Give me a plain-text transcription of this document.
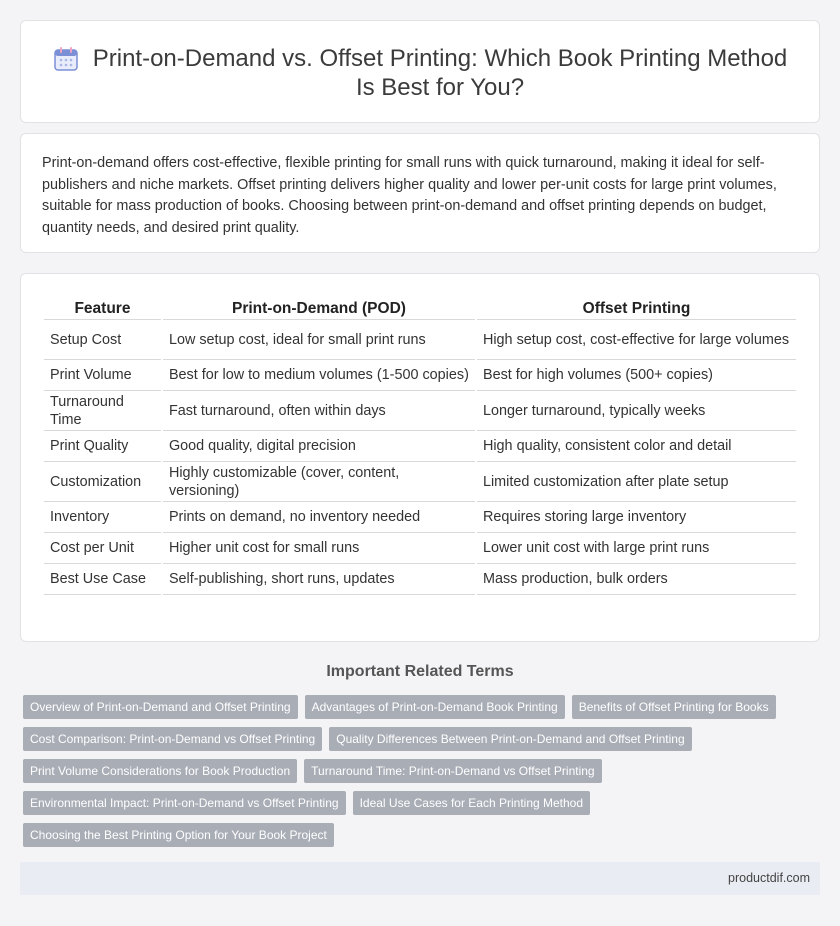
Print-on-Demand vs. Offset Printing: Which Book Printing Method Is Best for You?

Print-on-demand offers cost-effective, flexible printing for small runs with quick turnaround, making it ideal for self-publishers and niche markets. Offset printing delivers higher quality and lower per-unit costs for large print volumes, suitable for mass production of books. Choosing between print-on-demand and offset printing depends on budget, quantity needs, and desired print quality.

Feature	Print-on-Demand (POD)	Offset Printing
Setup Cost	Low setup cost, ideal for small print runs	High setup cost, cost-effective for large volumes
Print Volume	Best for low to medium volumes (1-500 copies)	Best for high volumes (500+ copies)
Turnaround Time	Fast turnaround, often within days	Longer turnaround, typically weeks
Print Quality	Good quality, digital precision	High quality, consistent color and detail
Customization	Highly customizable (cover, content, versioning)	Limited customization after plate setup
Inventory	Prints on demand, no inventory needed	Requires storing large inventory
Cost per Unit	Higher unit cost for small runs	Lower unit cost with large print runs
Best Use Case	Self-publishing, short runs, updates	Mass production, bulk orders
Important Related Terms
Overview of Print-on-Demand and Offset Printing	Advantages of Print-on-Demand Book Printing	Benefits of Offset Printing for Books
Cost Comparison: Print-on-Demand vs Offset Printing	Quality Differences Between Print-on-Demand and Offset Printing
Print Volume Considerations for Book Production	Turnaround Time: Print-on-Demand vs Offset Printing
Environmental Impact: Print-on-Demand vs Offset Printing	Ideal Use Cases for Each Printing Method
Choosing the Best Printing Option for Your Book Project
productdif.com
